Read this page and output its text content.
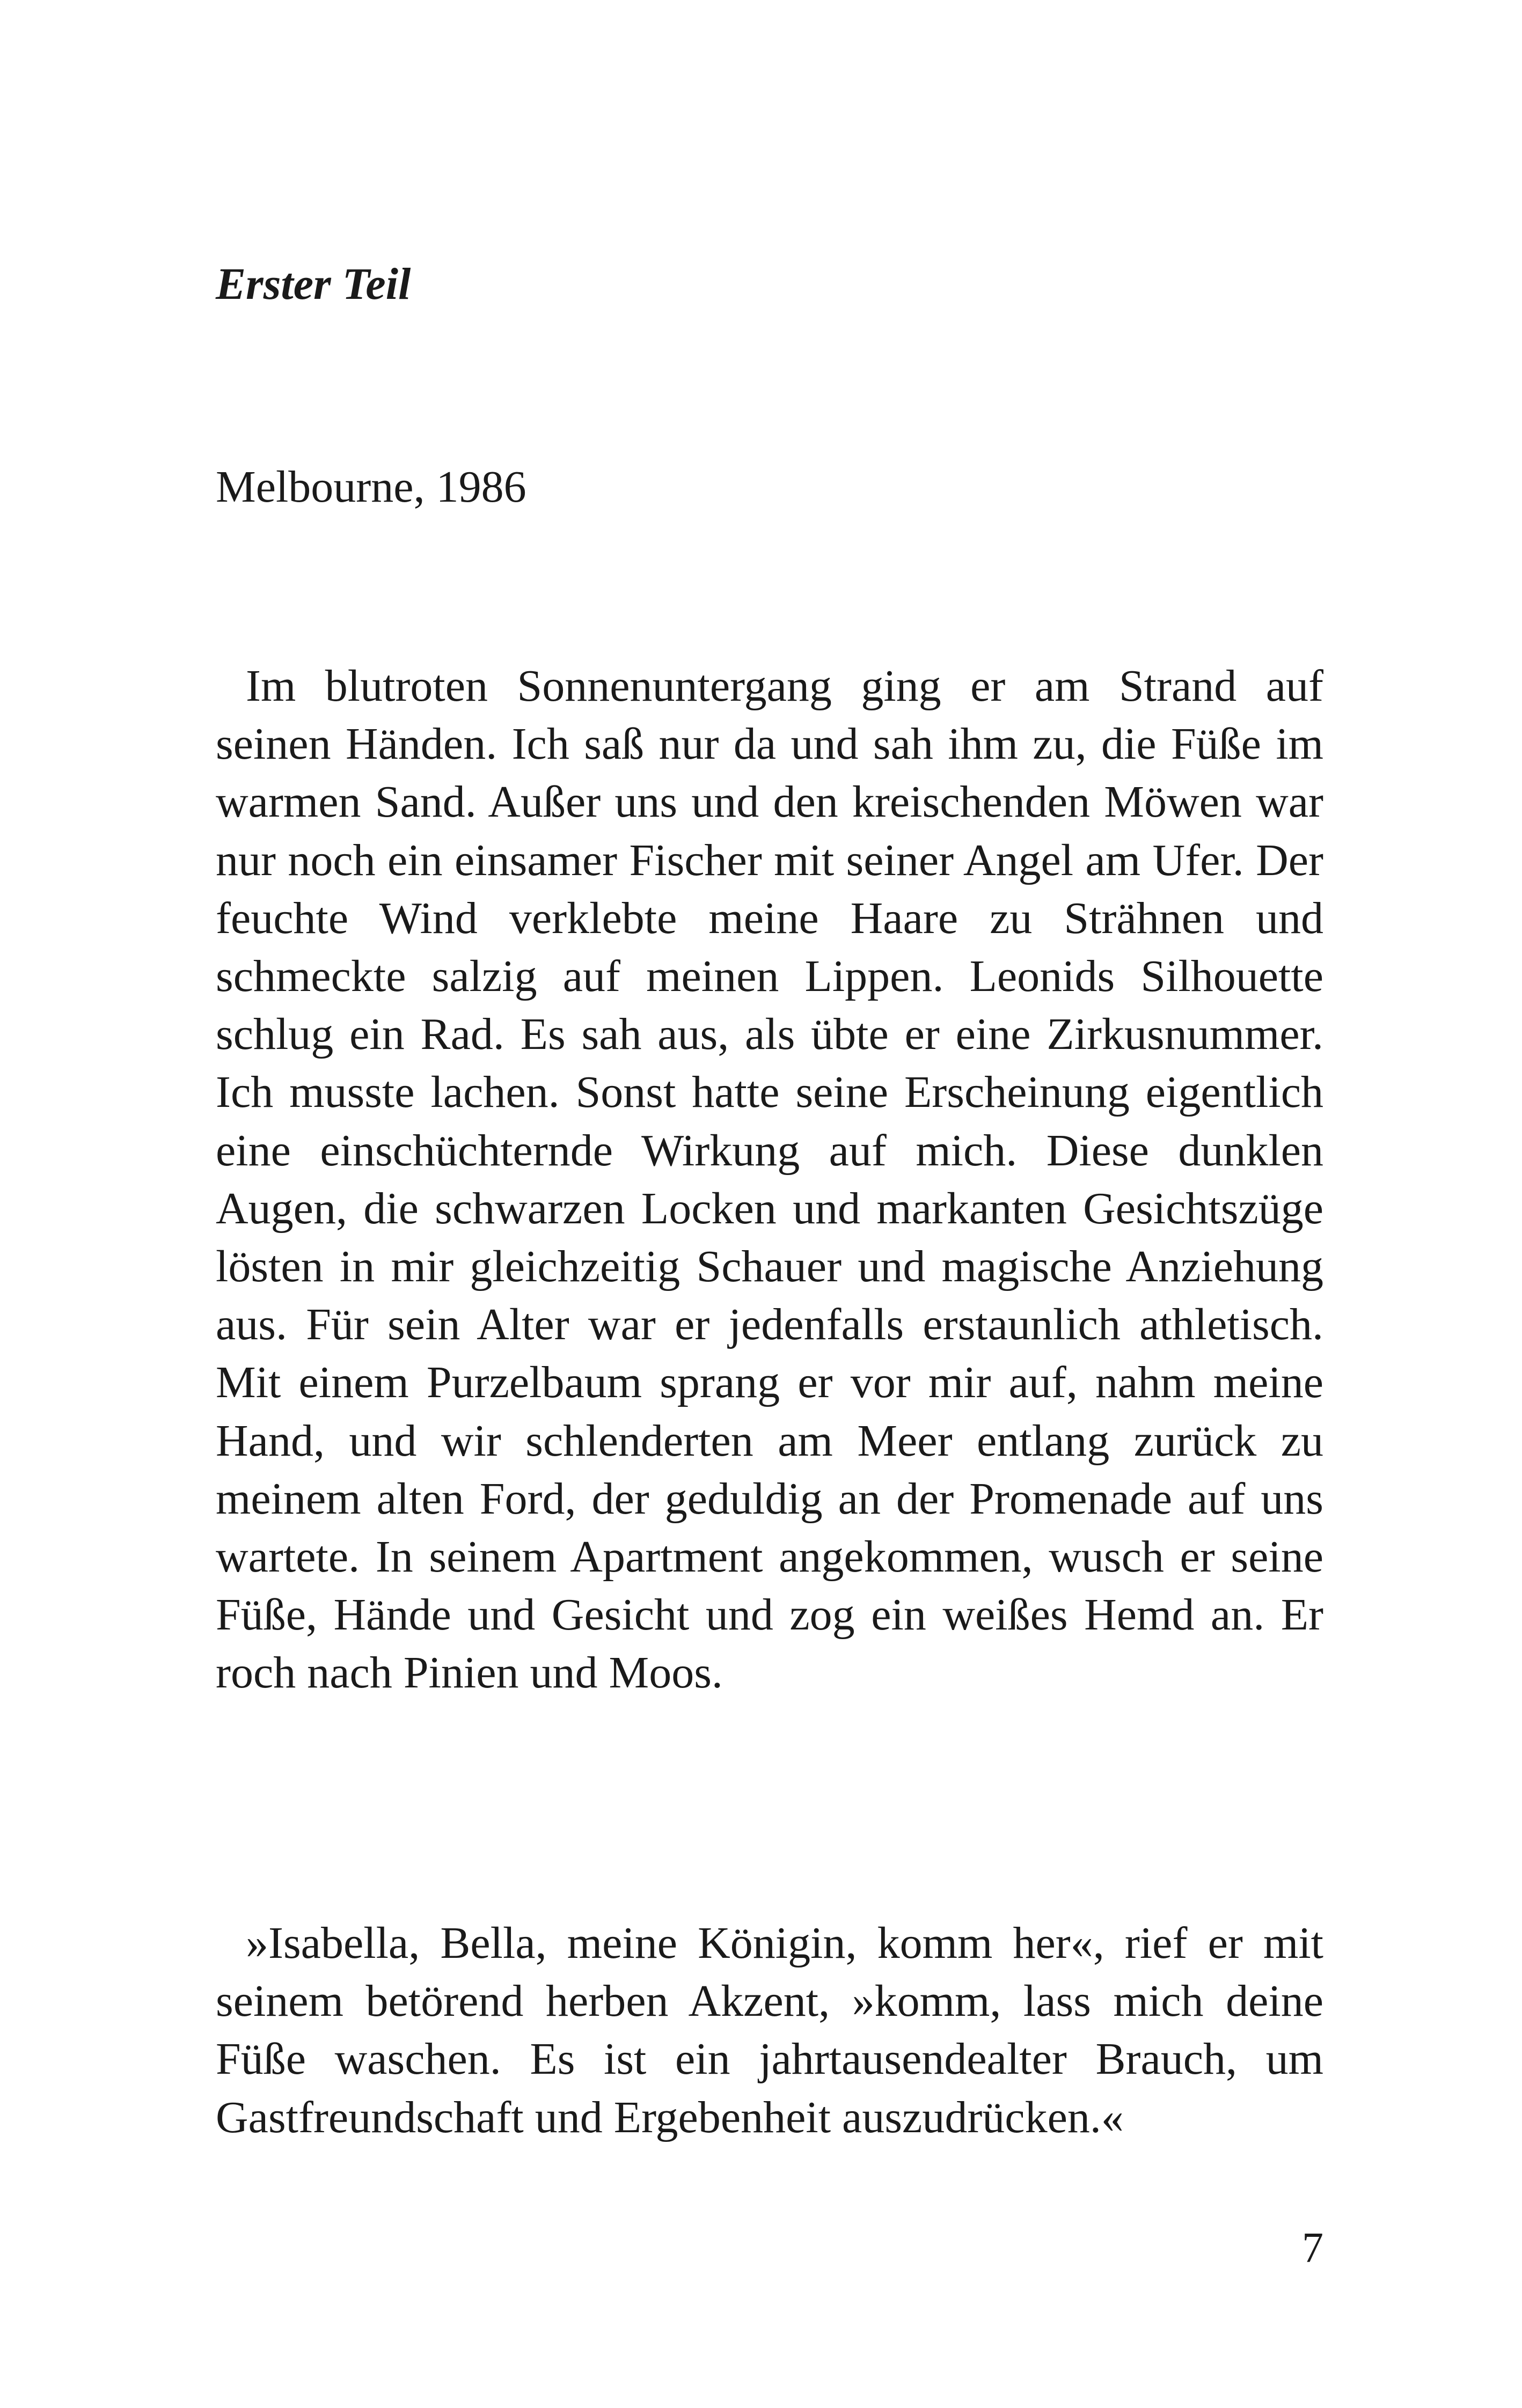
Erster Teil

Melbourne, 1986

Im blutroten Sonnenuntergang ging er am Strand auf seinen Händen. Ich saß nur da und sah ihm zu, die Füße im warmen Sand. Außer uns und den kreischenden Möwen war nur noch ein einsamer Fischer mit seiner Angel am Ufer. Der feuchte Wind verklebte meine Haare zu Strähnen und schmeckte salzig auf meinen Lippen. Leonids Silhouette schlug ein Rad. Es sah aus, als übte er eine Zirkusnummer. Ich musste lachen. Sonst hatte seine Erscheinung eigentlich eine einschüchternde Wirkung auf mich. Diese dunklen Augen, die schwarzen Locken und markanten Gesichtszüge lösten in mir gleichzeitig Schauer und magische Anziehung aus. Für sein Alter war er jedenfalls erstaunlich athletisch. Mit einem Purzelbaum sprang er vor mir auf, nahm meine Hand, und wir schlenderten am Meer entlang zurück zu meinem alten Ford, der geduldig an der Promenade auf uns wartete. In seinem Apartment angekommen, wusch er seine Füße, Hände und Gesicht und zog ein weißes Hemd an. Er roch nach Pinien und Moos.

»Isabella, Bella, meine Königin, komm her«, rief er mit seinem betörend herben Akzent, »komm, lass mich deine Füße waschen. Es ist ein jahrtausendealter Brauch, um Gastfreundschaft und Ergebenheit auszudrücken.«

7
